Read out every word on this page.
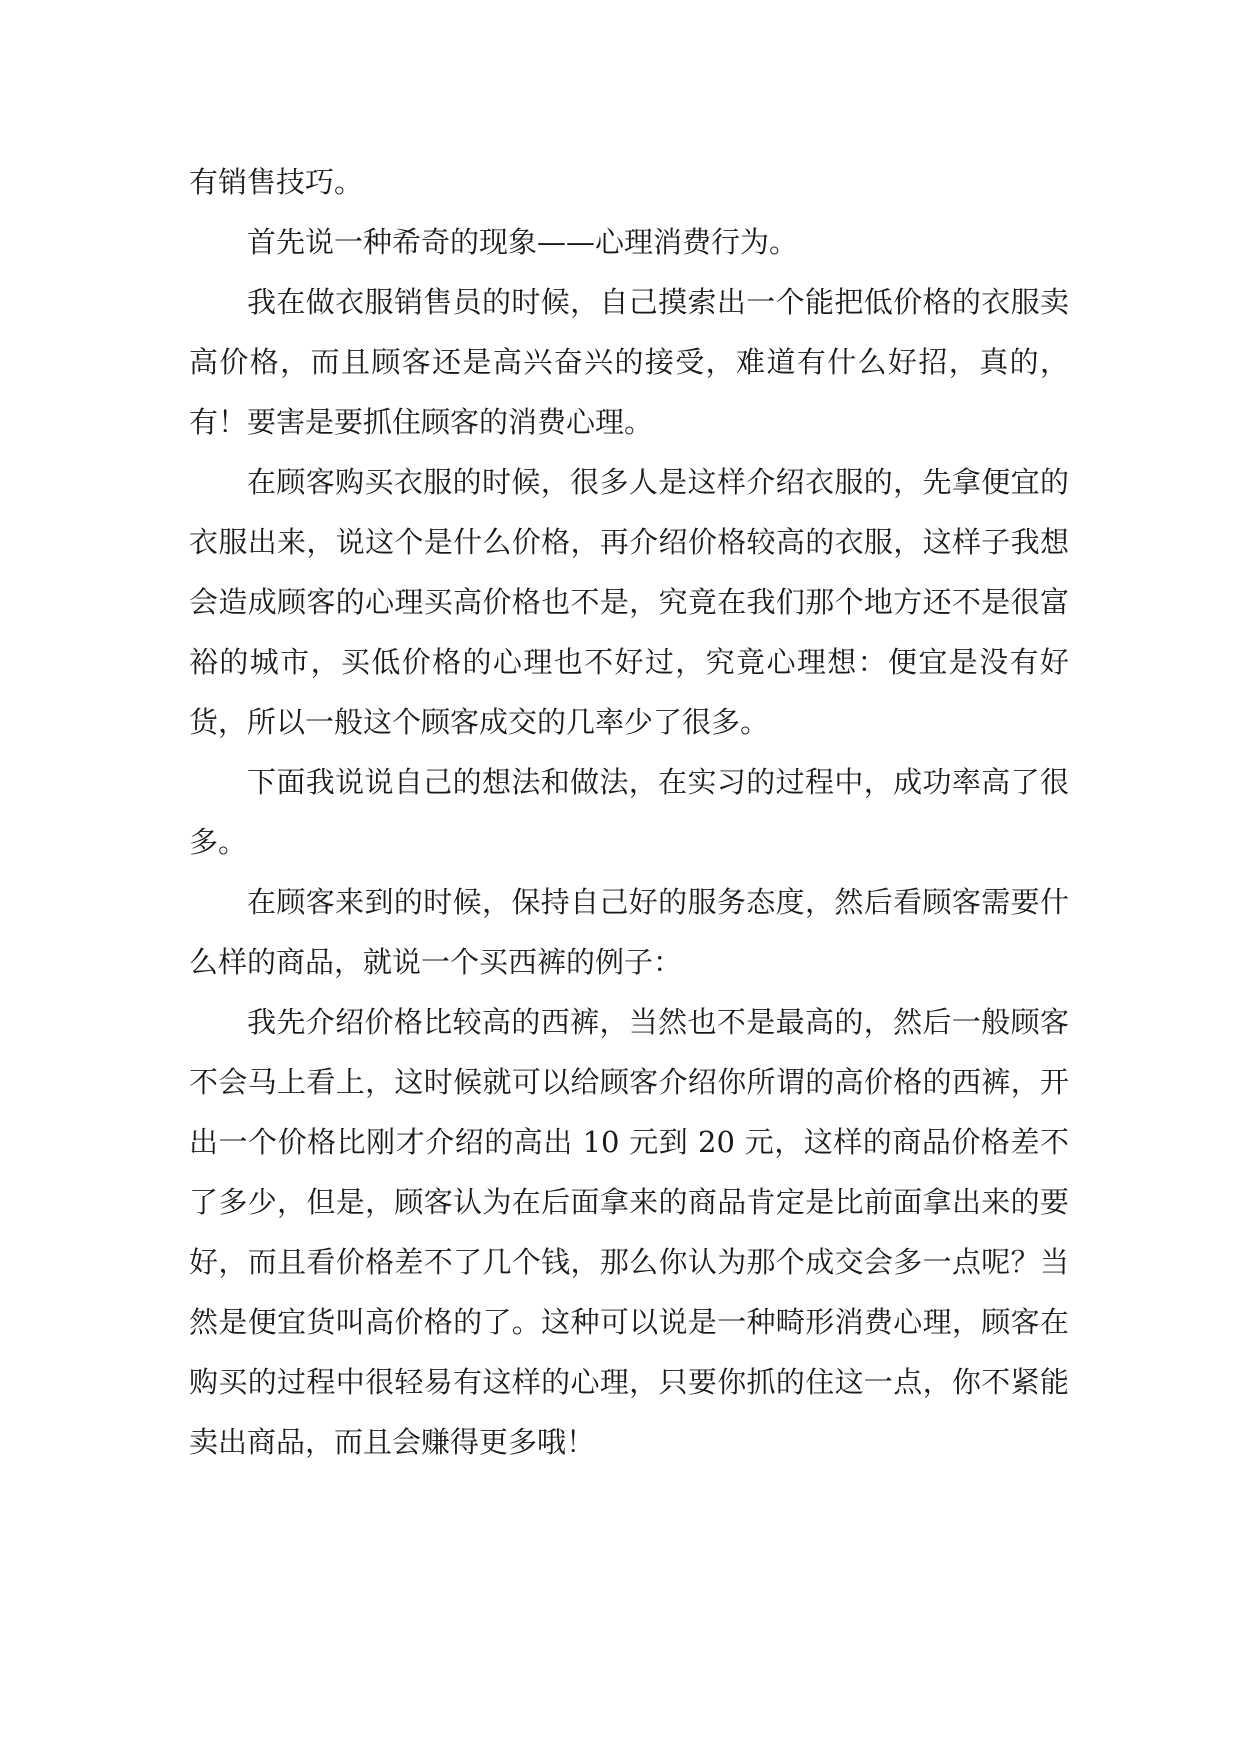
有销售技巧。

首先说一种希奇的现象——心理消费行为。

我在做衣服销售员的时候，自己摸索出一个能把低价格的衣服卖高价格，而且顾客还是高兴奋兴的接受，难道有什么好招，真的，有！要害是要抓住顾客的消费心理。

在顾客购买衣服的时候，很多人是这样介绍衣服的，先拿便宜的衣服出来，说这个是什么价格，再介绍价格较高的衣服，这样子我想会造成顾客的心理买高价格也不是，究竟在我们那个地方还不是很富裕的城市，买低价格的心理也不好过，究竟心理想：便宜是没有好货，所以一般这个顾客成交的几率少了很多。

下面我说说自己的想法和做法，在实习的过程中，成功率高了很多。

在顾客来到的时候，保持自己好的服务态度，然后看顾客需要什么样的商品，就说一个买西裤的例子：

我先介绍价格比较高的西裤，当然也不是最高的，然后一般顾客不会马上看上，这时候就可以给顾客介绍你所谓的高价格的西裤，开出一个价格比刚才介绍的高出 10 元到 20 元，这样的商品价格差不了多少，但是，顾客认为在后面拿来的商品肯定是比前面拿出来的要好，而且看价格差不了几个钱，那么你认为那个成交会多一点呢？当然是便宜货叫高价格的了。这种可以说是一种畸形消费心理，顾客在购买的过程中很轻易有这样的心理，只要你抓的住这一点，你不紧能卖出商品，而且会赚得更多哦！
